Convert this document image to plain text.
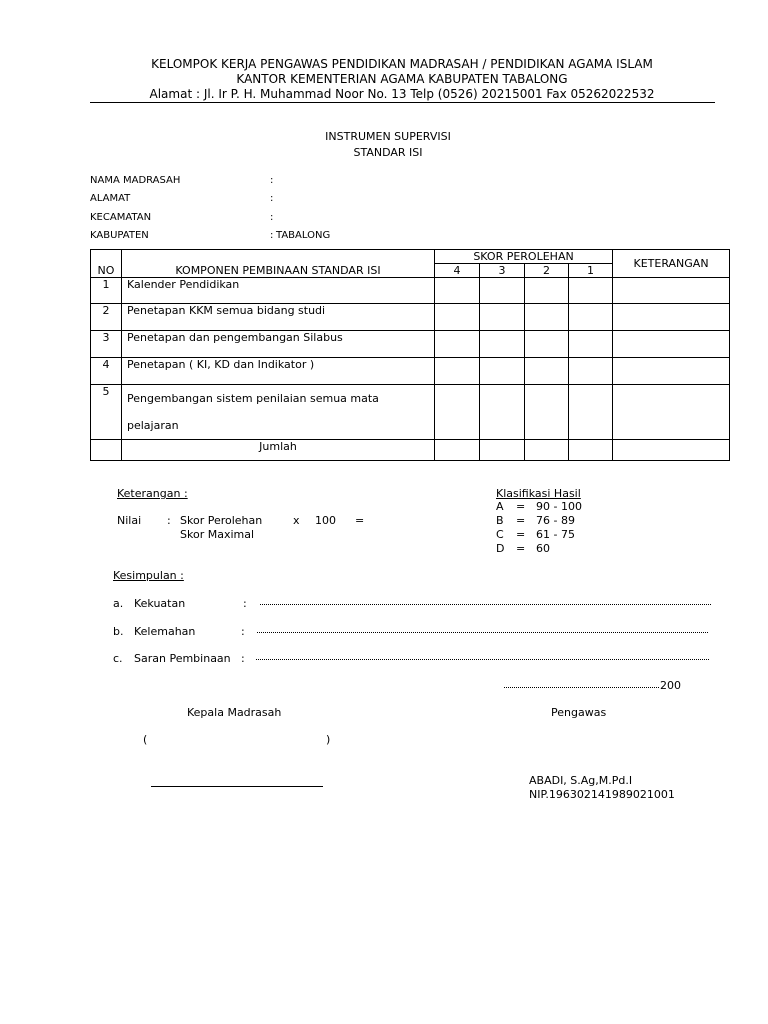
KELOMPOK KERJA PENGAWAS PENDIDIKAN MADRASAH / PENDIDIKAN AGAMA ISLAM
KANTOR KEMENTERIAN AGAMA KABUPATEN TABALONG
Alamat : Jl. Ir P. H. Muhammad Noor No. 13 Telp (0526) 20215001 Fax 05262022532
INSTRUMEN SUPERVISI
STANDAR ISI
NAMA MADRASAH	:
ALAMAT	:
KECAMATAN	:
KABUPATEN	: TABALONG
NO	KOMPONEN PEMBINAAN STANDAR ISI	SKOR PEROLEHAN				KETERANGAN
		4	3	2	1	
1	Kalender Pendidikan					
2	Penetapan KKM semua bidang studi					
3	Penetapan dan pengembangan Silabus					
4	Penetapan ( KI, KD dan Indikator )					
5	Pengembangan sistem penilaian semua mata
pelajaran					
	Jumlah					
Keterangan :
Nilai : Skor Perolehan	x 100 =
Skor Maximal
Klasifikasi Hasil
A = 90 - 100
B = 76 - 89
C = 61 - 75
D = 60
Kesimpulan :
a. Kekuatan	:
b. Kelemahan	:
c. Saran Pembinaan :
200
Kepala Madrasah
(	)
Pengawas
ABADI, S.Ag,M.Pd.I
NIP.196302141989021001
